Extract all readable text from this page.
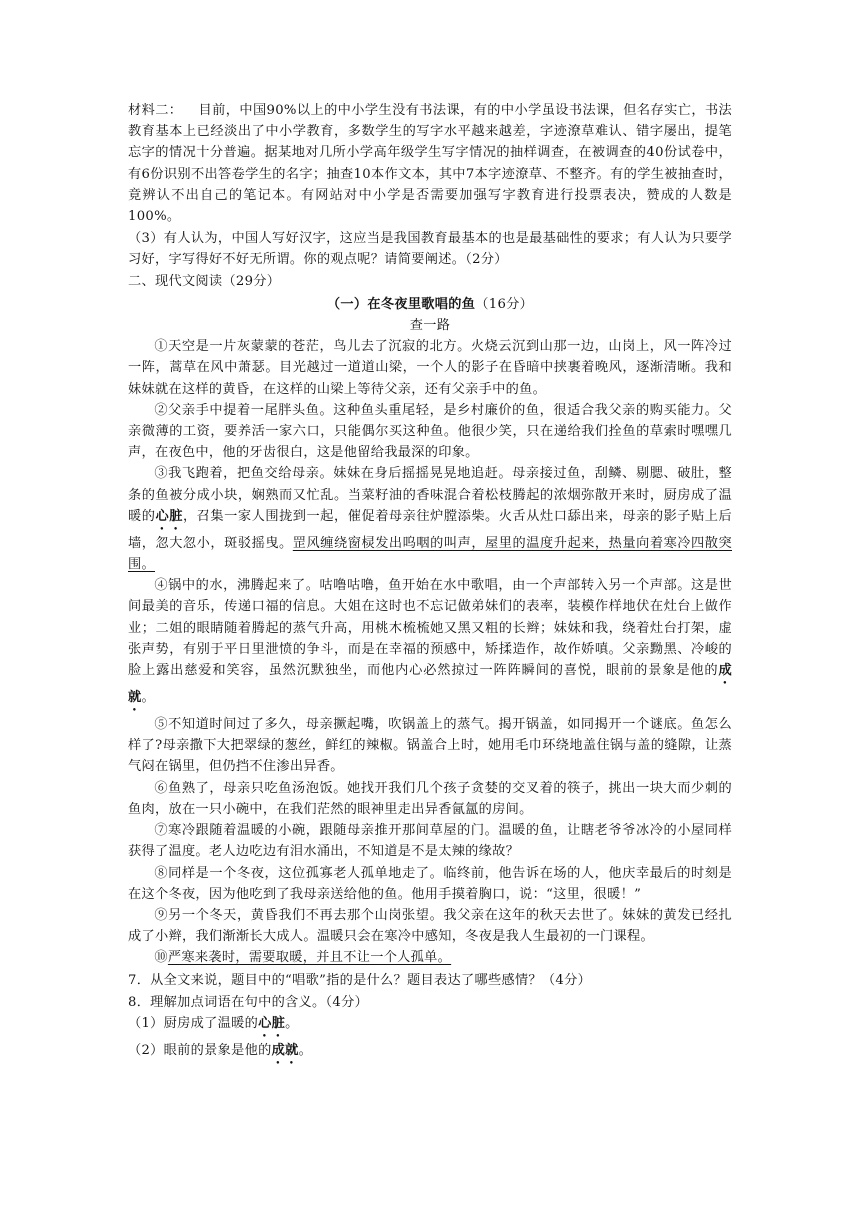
材料二： 目前，中国90%以上的中小学生没有书法课，有的中小学虽设书法课，但名存实亡，书法教育基本上已经淡出了中小学教育，多数学生的写字水平越来越差，字迹潦草难认、错字屡出，提笔忘字的情况十分普遍。据某地对几所小学高年级学生写字情况的抽样调查，在被调查的40份试卷中，有6份识别不出答卷学生的名字；抽查10本作文本，其中7本字迹潦草、不整齐。有的学生被抽查时，竟辨认不出自己的笔记本。有网站对中小学是否需要加强写字教育进行投票表决，赞成的人数是100%。

（3）有人认为，中国人写好汉字，这应当是我国教育最基本的也是最基础性的要求；有人认为只要学习好，字写得好不好无所谓。你的观点呢？请简要阐述。（2分）

二、现代文阅读（29分）

（一）在冬夜里歌唱的鱼（16分）

查一路

①天空是一片灰蒙蒙的苍茫，鸟儿去了沉寂的北方。火烧云沉到山那一边，山岗上，风一阵冷过一阵，蒿草在风中萧瑟。目光越过一道道山梁，一个人的影子在昏暗中挟裹着晚风，逐渐清晰。我和妹妹就在这样的黄昏，在这样的山梁上等待父亲，还有父亲手中的鱼。

②父亲手中提着一尾胖头鱼。这种鱼头重尾轻，是乡村廉价的鱼，很适合我父亲的购买能力。父亲微薄的工资，要养活一家六口，只能偶尔买这种鱼。他很少笑，只在递给我们拴鱼的草索时嘿嘿几声，在夜色中，他的牙齿很白，这是他留给我最深的印象。

③我飞跑着，把鱼交给母亲。妹妹在身后摇摇晃晃地追赶。母亲接过鱼，刮鳞、剔腮、破肚，整条的鱼被分成小块，娴熟而又忙乱。当菜籽油的香味混合着松枝腾起的浓烟弥散开来时，厨房成了温暖的心脏，召集一家人围拢到一起，催促着母亲往炉膛添柴。火舌从灶口舔出来，母亲的影子贴上后墙，忽大忽小，斑驳摇曳。罡风缠绕窗棂发出呜咽的叫声，屋里的温度升起来，热量向着寒冷四散突围。

④锅中的水，沸腾起来了。咕噜咕噜，鱼开始在水中歌唱，由一个声部转入另一个声部。这是世间最美的音乐，传递口福的信息。大姐在这时也不忘记做弟妹们的表率，装模作样地伏在灶台上做作业；二姐的眼睛随着腾起的蒸气升高，用桃木梳梳她又黑又粗的长辫；妹妹和我，绕着灶台打架，虚张声势，有别于平日里泄愤的争斗，而是在幸福的预感中，矫揉造作，故作娇嗔。父亲黝黑、冷峻的脸上露出慈爱和笑容，虽然沉默独坐，而他内心必然掠过一阵阵瞬间的喜悦，眼前的景象是他的成就。

⑤不知道时间过了多久，母亲撅起嘴，吹锅盖上的蒸气。揭开锅盖，如同揭开一个谜底。鱼怎么样了?母亲撒下大把翠绿的葱丝，鲜红的辣椒。锅盖合上时，她用毛巾环绕地盖住锅与盖的缝隙，让蒸气闷在锅里，但仍挡不住渗出异香。

⑥鱼熟了，母亲只吃鱼汤泡饭。她找开我们几个孩子贪婪的交叉着的筷子，挑出一块大而少刺的鱼肉，放在一只小碗中，在我们茫然的眼神里走出异香氤氲的房间。

⑦寒冷跟随着温暖的小碗，跟随母亲推开那间草屋的门。温暖的鱼，让瞎老爷爷冰冷的小屋同样获得了温度。老人边吃边有泪水涌出，不知道是不是太辣的缘故？

⑧同样是一个冬夜，这位孤寡老人孤单地走了。临终前，他告诉在场的人，他庆幸最后的时刻是在这个冬夜，因为他吃到了我母亲送给他的鱼。他用手摸着胸口，说：“这里，很暖！”

⑨另一个冬天，黄昏我们不再去那个山岗张望。我父亲在这年的秋天去世了。妹妹的黄发已经扎成了小辫，我们渐渐长大成人。温暖只会在寒冷中感知，冬夜是我人生最初的一门课程。

⑩严寒来袭时，需要取暖，并且不让一个人孤单。

7．从全文来说，题目中的“唱歌”指的是什么？题目表达了哪些感情？（4分）

8．理解加点词语在句中的含义。（4分）

（1）厨房成了温暖的心脏。

（2）眼前的景象是他的成就。
